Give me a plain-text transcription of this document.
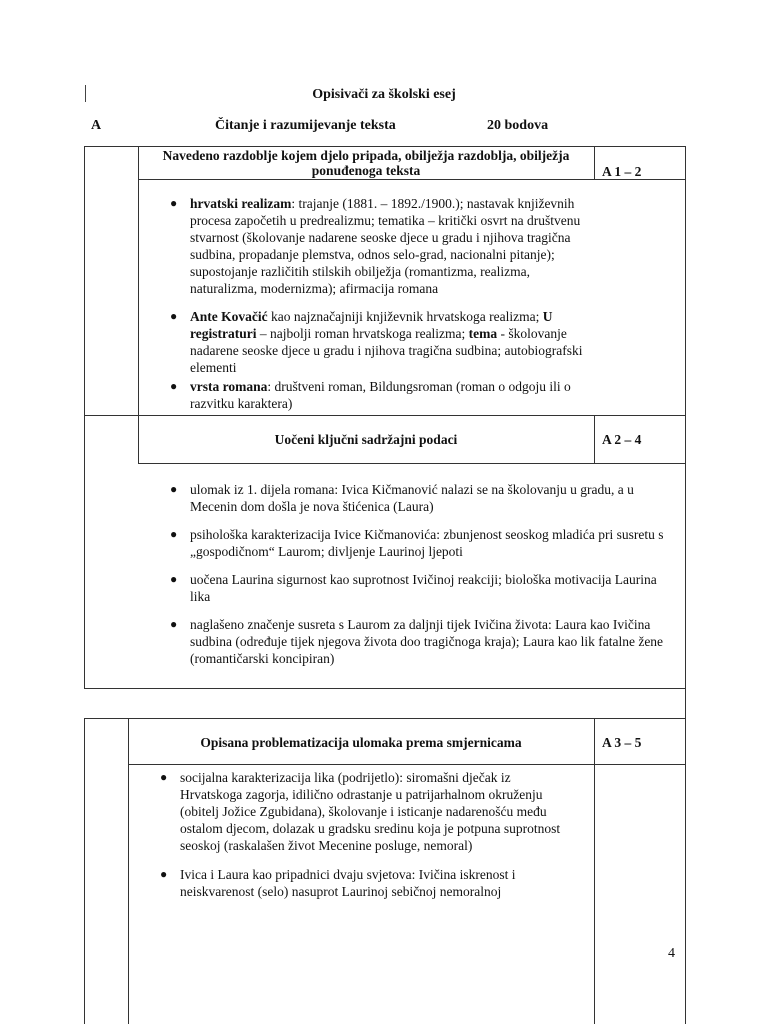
Opisivači za školski esej
A	Čitanje i razumijevanje teksta	20 bodova
Navedeno razdoblje kojem djelo pripada, obilježja razdoblja, obilježja ponuđenoga teksta	A 1 – 2
● hrvatski realizam: trajanje (1881. – 1892./1900.); nastavak književnih procesa započetih u predrealizmu; tematika – kritički osvrt na društvenu stvarnost (školovanje nadarene seoske djece u gradu i njihova tragična sudbina, propadanje plemstva, odnos selo-grad, nacionalni pitanje); supostojanje različitih stilskih obilježja (romantizma, realizma, naturalizma, modernizma); afirmacija romana
● Ante Kovačić kao najznačajniji književnik hrvatskoga realizma; U registraturi – najbolji roman hrvatskoga realizma; tema - školovanje nadarene seoske djece u gradu i njihova tragična sudbina; autobiografski elementi
● vrsta romana: društveni roman, Bildungsroman (roman o odgoju ili o razvitku karaktera)
Uočeni ključni sadržajni podaci	A 2 – 4
● ulomak iz 1. dijela romana: Ivica Kičmanović nalazi se na školovanju u gradu, a u Mecenin dom došla je nova štićenica (Laura)
● psihološka karakterizacija Ivice Kičmanovića: zbunjenost seoskog mladića pri susretu s „gospodičnom“ Laurom; divljenje Laurinoj ljepoti
● uočena Laurina sigurnost kao suprotnost Ivičinoj reakciji; biološka motivacija Laurina lika
● naglašeno značenje susreta s Laurom za daljnji tijek Ivičina života: Laura kao Ivičina sudbina (određuje tijek njegova života doo tragičnoga kraja); Laura kao lik fatalne žene (romantičarski koncipiran)
Opisana problematizacija ulomaka prema smjernicama	A 3 – 5
● socijalna karakterizacija lika (podrijetlo): siromašni dječak iz Hrvatskoga zagorja, idilično odrastanje u patrijarhalnom okruženju (obitelj Jožice Zgubidana), školovanje i isticanje nadarenošću među ostalom djecom, dolazak u gradsku sredinu koja je potpuna suprotnost seoskoj (raskalašen život Mecenine posluge, nemoral)
● Ivica i Laura kao pripadnici dvaju svjetova: Ivičina iskrenost i neiskvarenost (selo) nasuprot Laurinoj sebičnoj nemoralnoj
4
